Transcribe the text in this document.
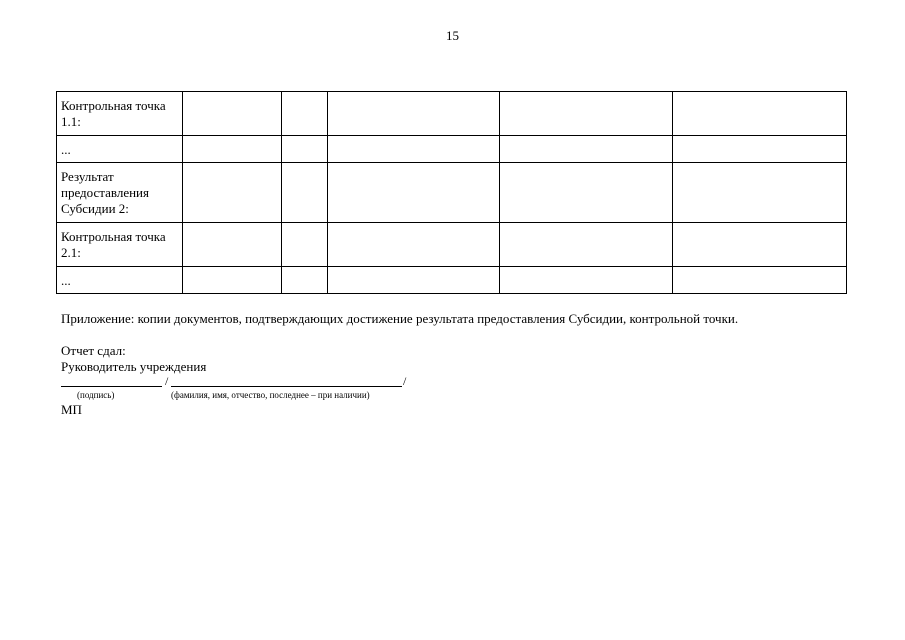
15
Контрольная точка 1.1:					
...					
Результат предоставления Субсидии 2:					
Контрольная точка 2.1:					
...					
Приложение: копии документов, подтверждающих достижение результата предоставления Субсидии, контрольной точки.
Отчет сдал:
Руководитель учреждения
/	/
(подпись)	(фамилия, имя, отчество, последнее – при наличии)
МП
